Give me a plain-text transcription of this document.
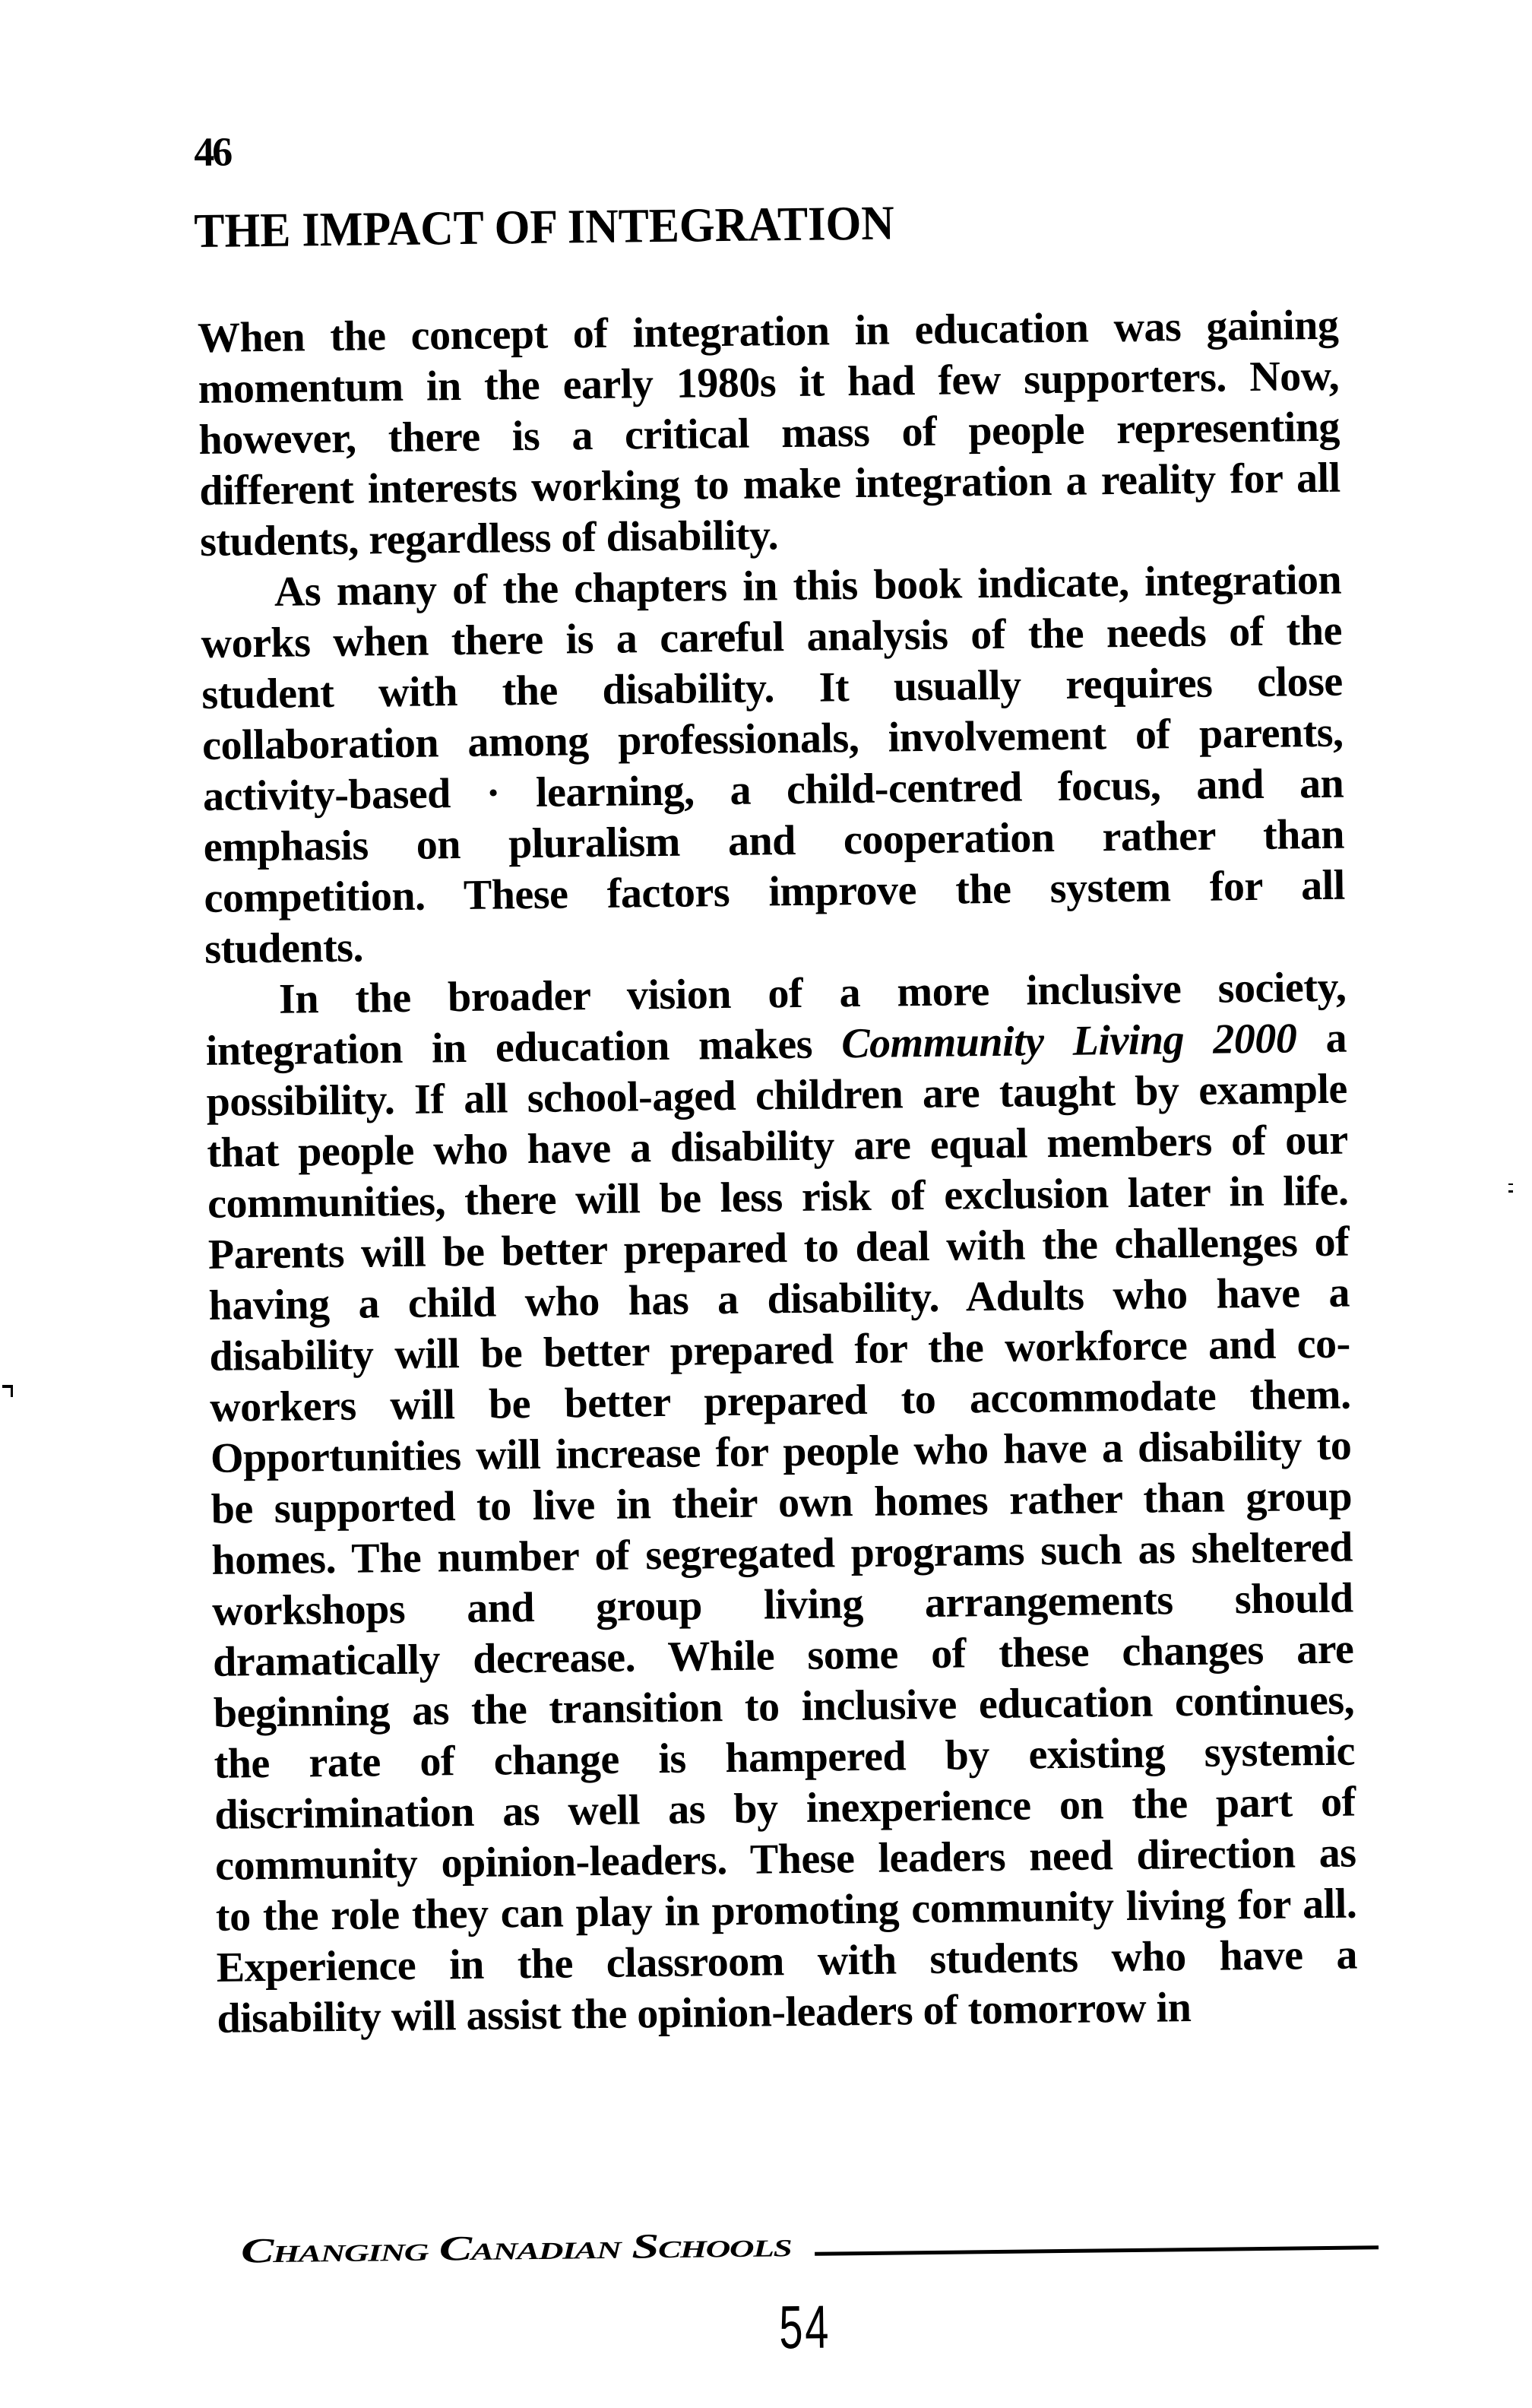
46
THE IMPACT OF INTEGRATION
When the concept of integration in education was gaining
momentum in the early 1980s it had few supporters. Now,
however, there is a critical mass of people representing
different interests working to make integration a reality for all
students, regardless of disability.
As many of the chapters in this book indicate, integration
works when there is a careful analysis of the needs of the
student with the disability. It usually requires close
collaboration among professionals, involvement of parents,
activity-based · learning, a child-centred focus, and an
emphasis on pluralism and cooperation rather than
competition. These factors improve the system for all
students.
In the broader vision of a more inclusive society,
integration in education makes Community Living 2000 a
possibility. If all school-aged children are taught by example
that people who have a disability are equal members of our
communities, there will be less risk of exclusion later in life.
Parents will be better prepared to deal with the challenges of
having a child who has a disability. Adults who have a
disability will be better prepared for the workforce and co-
workers will be better prepared to accommodate them.
Opportunities will increase for people who have a disability to
be supported to live in their own homes rather than group
homes. The number of segregated programs such as sheltered
workshops and group living arrangements should
dramatically decrease. While some of these changes are
beginning as the transition to inclusive education continues,
the rate of change is hampered by existing systemic
discrimination as well as by inexperience on the part of
community opinion-leaders. These leaders need direction as
to the role they can play in promoting community living for all.
Experience in the classroom with students who have a
disability will assist the opinion-leaders of tomorrow in
Changing Canadian Schools
54
